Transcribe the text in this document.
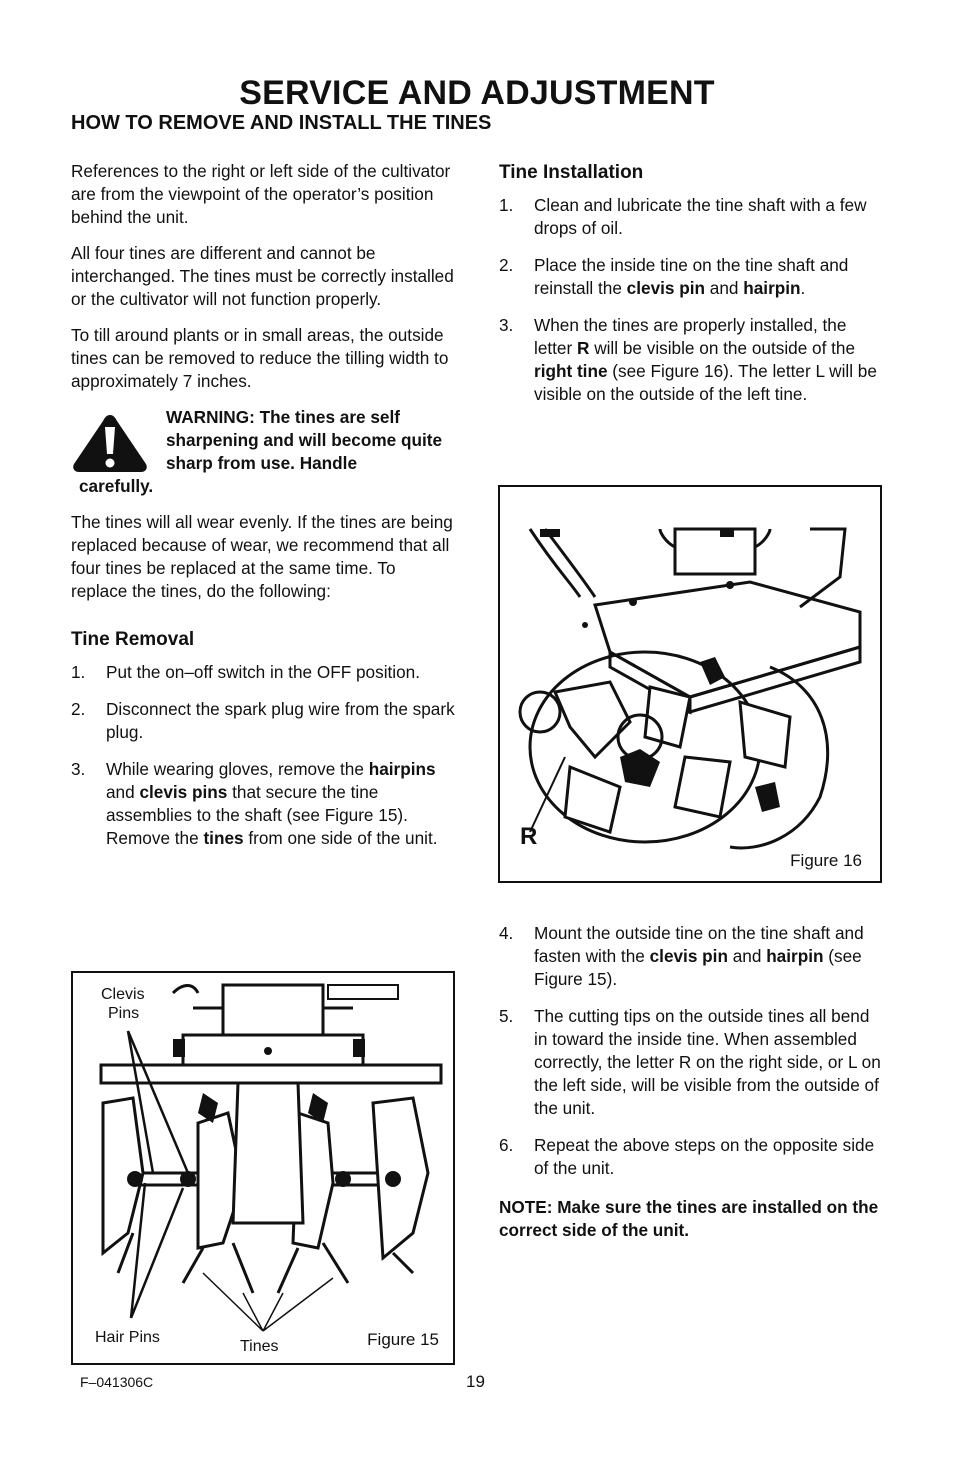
SERVICE AND ADJUSTMENT
HOW TO REMOVE AND INSTALL THE TINES

References to the right or left side of the cultivator are from the viewpoint of the operator’s position behind the unit.

All four tines are different and cannot be interchanged. The tines must be correctly installed or the cultivator will not function properly.

To till around plants or in small areas, the outside tines can be removed to reduce the tilling width to approximately 7 inches.

WARNING: The tines are self sharpening and will become quite sharp from use. Handle
carefully.

The tines will all wear evenly. If the tines are being replaced because of wear, we recommend that all four tines be replaced at the same time. To replace the tines, do the following:

Tine Removal
1. Put the on–off switch in the OFF position.
2. Disconnect the spark plug wire from the spark plug.
3. While wearing gloves, remove the hairpins and clevis pins that secure the tine assemblies to the shaft (see Figure 15). Remove the tines from one side of the unit.
Tine Installation
1. Clean and lubricate the tine shaft with a few drops of oil.
2. Place the inside tine on the tine shaft and reinstall the clevis pin and hairpin.
3. When the tines are properly installed, the letter R will be visible on the outside of the right tine (see Figure 16). The letter L will be visible on the outside of the left tine.
4. Mount the outside tine on the tine shaft and fasten with the clevis pin and hairpin (see Figure 15).
5. The cutting tips on the outside tines all bend in toward the inside tine. When assembled correctly, the letter R on the right side, or L on the left side, will be visible from the outside of the unit.
6. Repeat the above steps on the opposite side of the unit.

NOTE: Make sure the tines are installed on the correct side of the unit.

R
Figure 16
Clevis
Pins
Hair Pins
Tines	Figure 15
F–041306C	19
